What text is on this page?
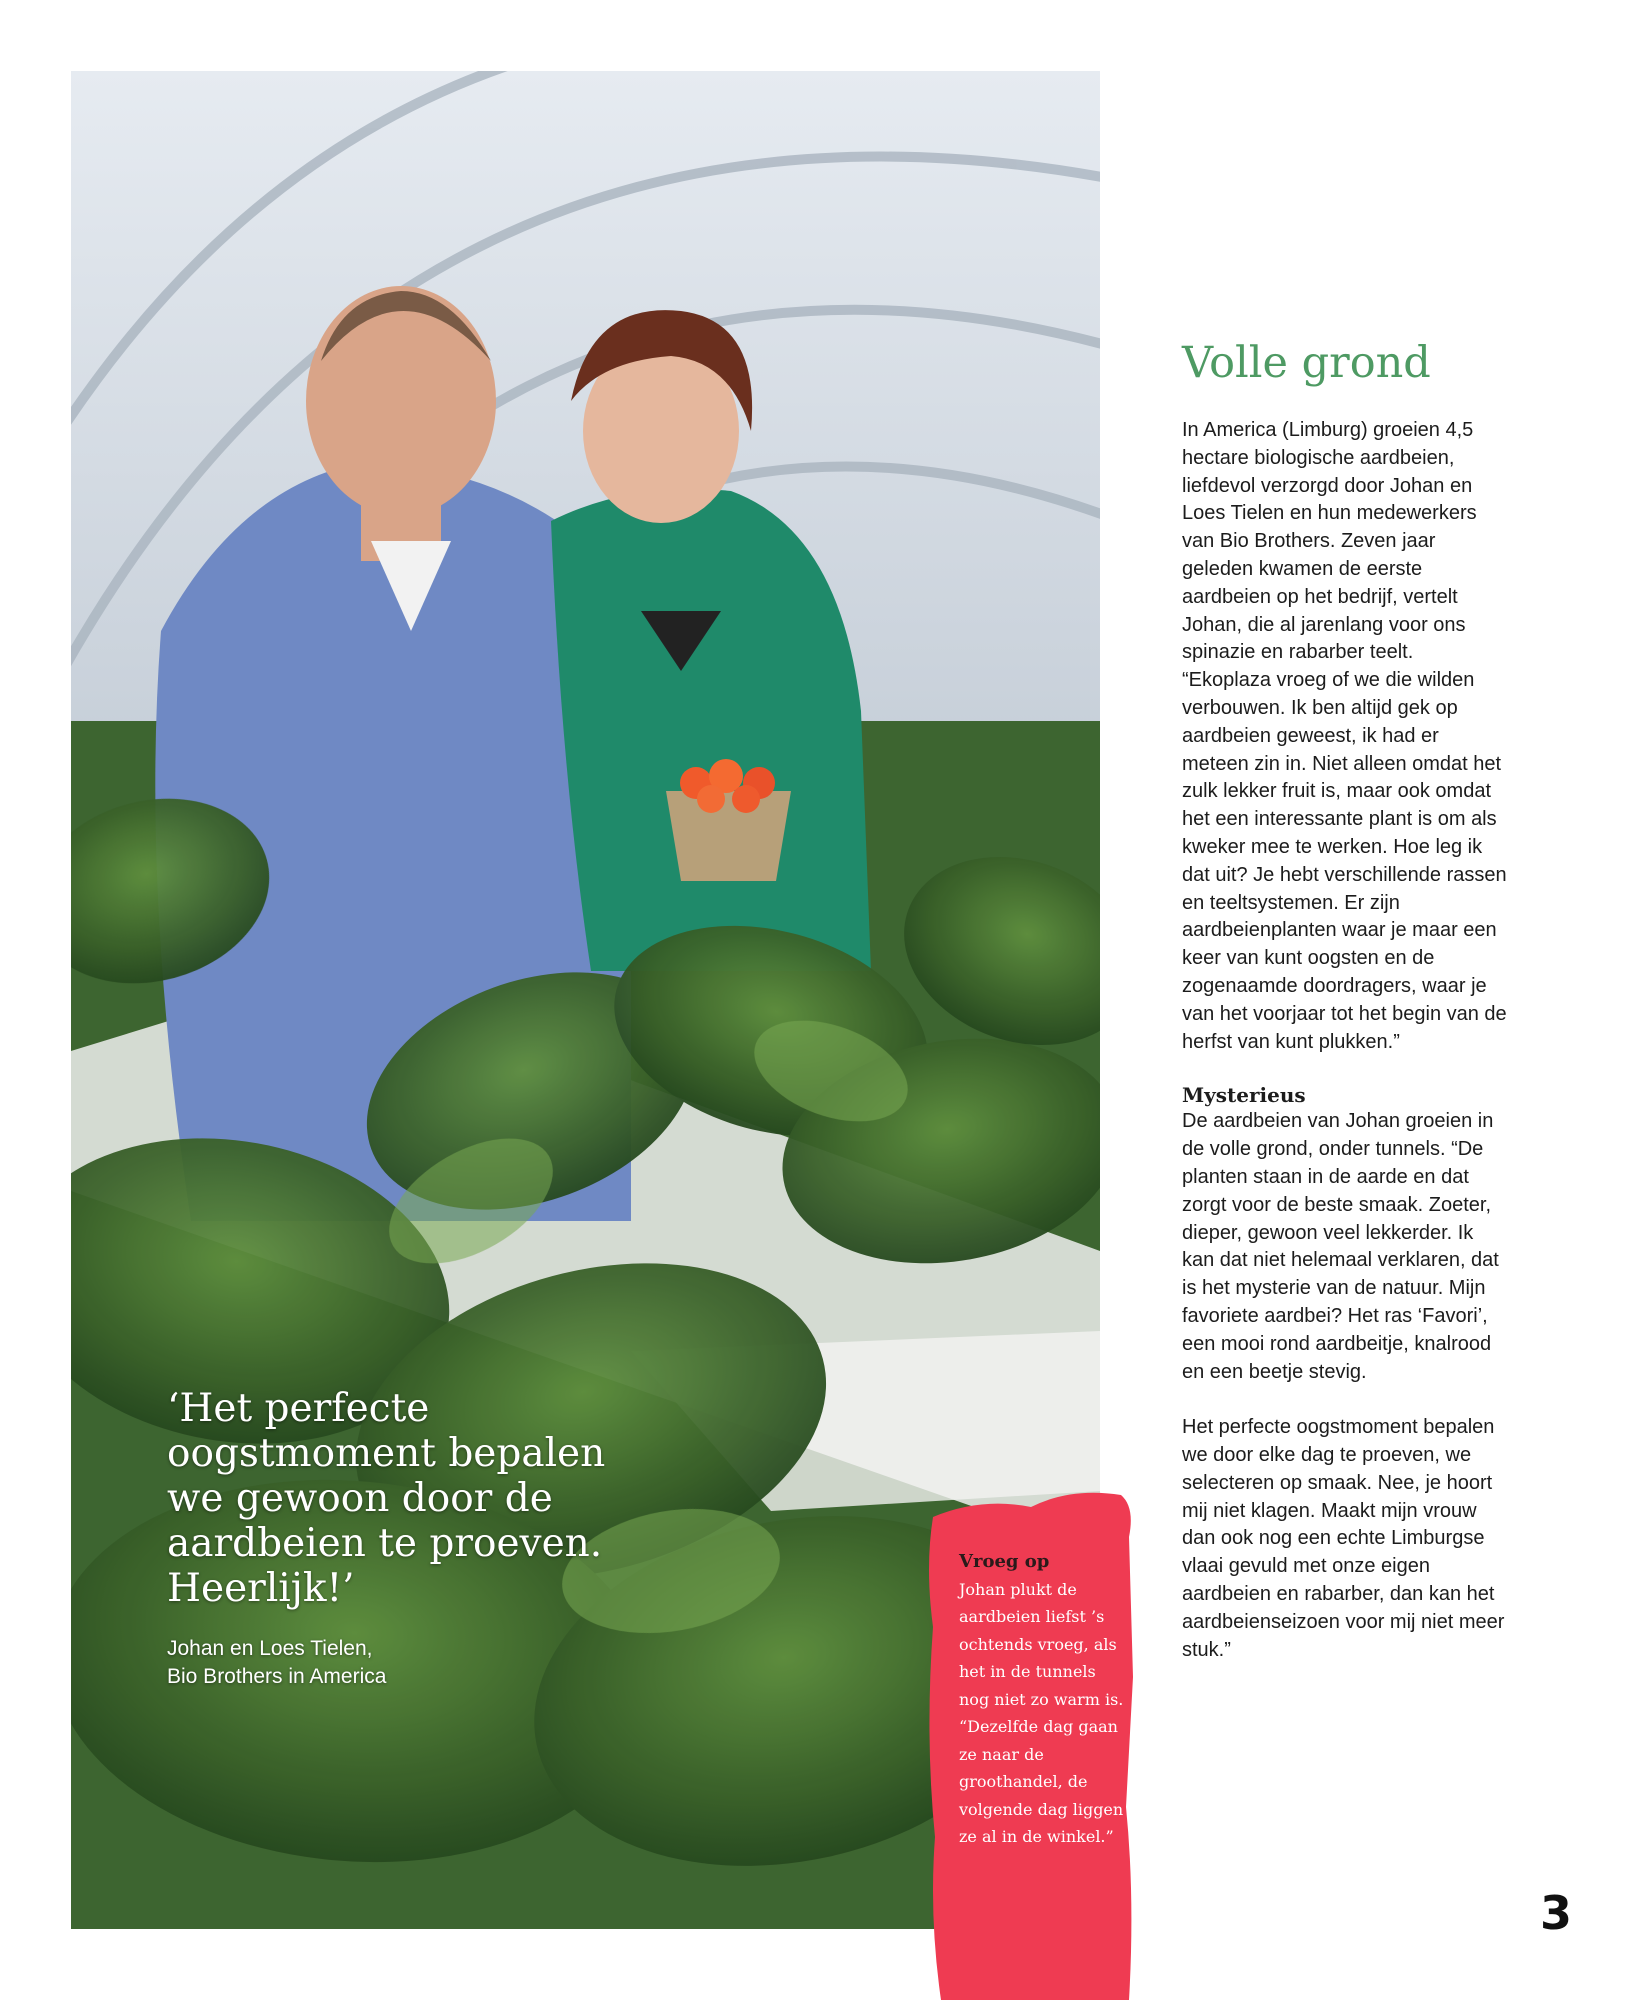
‘Het perfecte oogstmoment bepalen we gewoon door de aardbeien te proeven. Heerlijk!’

Johan en Loes Tielen,
Bio Brothers in America
Vroeg op
Johan plukt de aardbeien liefst ’s ochtends vroeg, als het in de tunnels nog niet zo warm is. “Dezelfde dag gaan ze naar de groothandel, de volgende dag liggen ze al in de winkel.”
Volle grond

In America (Limburg) groeien 4,5 hectare biologische aardbeien, liefdevol verzorgd door Johan en Loes Tielen en hun medewerkers van Bio Brothers. Zeven jaar geleden kwamen de eerste aardbeien op het bedrijf, vertelt Johan, die al jarenlang voor ons spinazie en rabarber teelt. “Ekoplaza vroeg of we die wilden verbouwen. Ik ben altijd gek op aardbeien geweest, ik had er meteen zin in. Niet alleen omdat het zulk lekker fruit is, maar ook omdat het een interessante plant is om als kweker mee te werken. Hoe leg ik dat uit? Je hebt verschillende rassen en teeltsystemen. Er zijn aardbeienplanten waar je maar een keer van kunt oogsten en de zogenaamde doordragers, waar je van het voorjaar tot het begin van de herfst van kunt plukken.”

Mysterieus

De aardbeien van Johan groeien in de volle grond, onder tunnels. “De planten staan in de aarde en dat zorgt voor de beste smaak. Zoeter, dieper, gewoon veel lekkerder. Ik kan dat niet helemaal verklaren, dat is het mysterie van de natuur. Mijn favoriete aardbei? Het ras ‘Favori’, een mooi rond aardbeitje, knalrood en een beetje stevig.

Het perfecte oogstmoment bepalen we door elke dag te proeven, we selecteren op smaak. Nee, je hoort mij niet klagen. Maakt mijn vrouw dan ook nog een echte Limburgse vlaai gevuld met onze eigen aardbeien en rabarber, dan kan het aardbeienseizoen voor mij niet meer stuk.”

3
